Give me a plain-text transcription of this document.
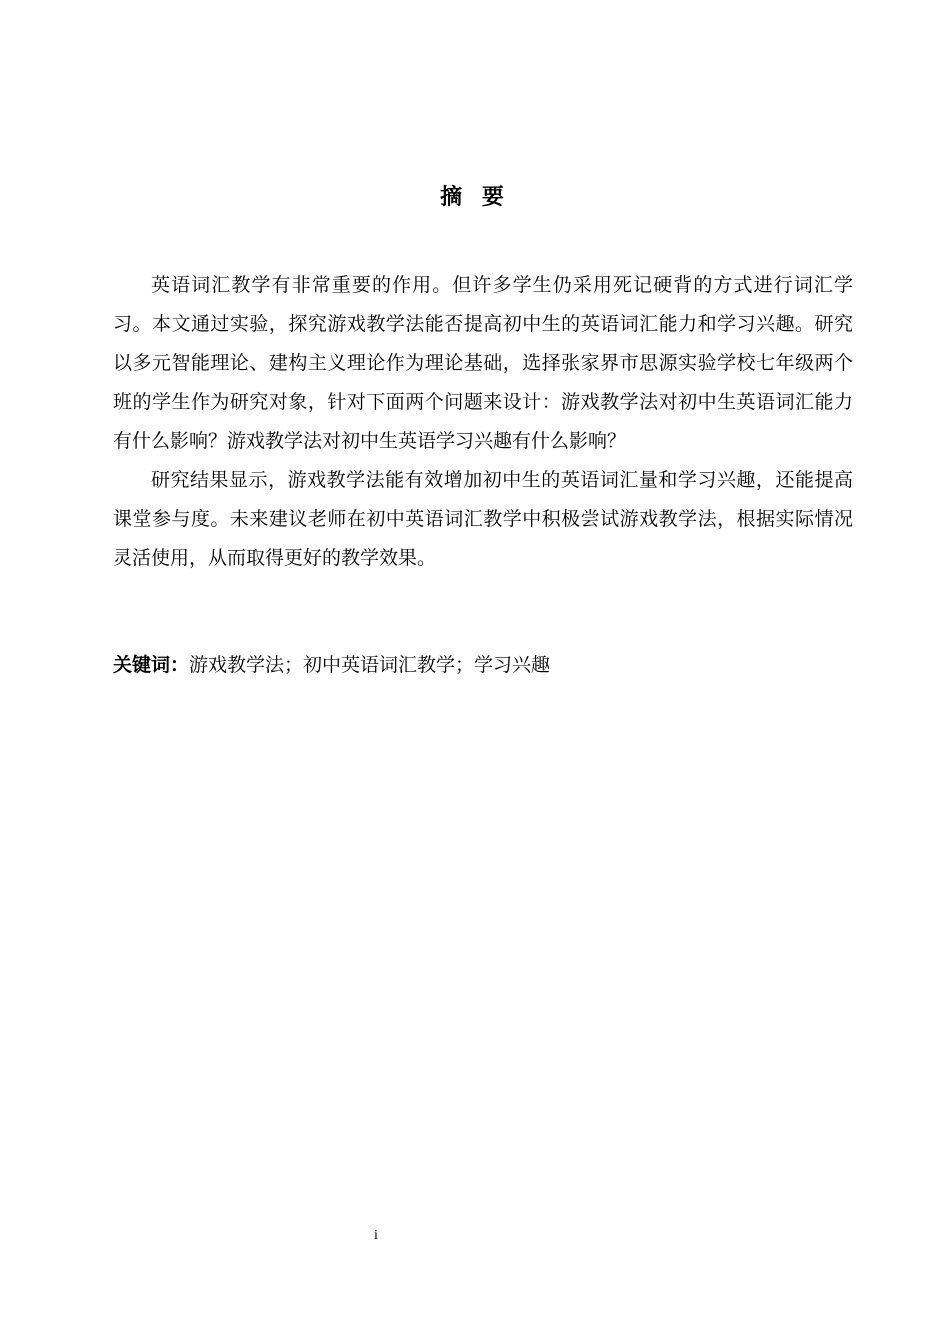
摘 要

英语词汇教学有非常重要的作用。但许多学生仍采用死记硬背的方式进行词汇学习。本文通过实验，探究游戏教学法能否提高初中生的英语词汇能力和学习兴趣。研究以多元智能理论、建构主义理论作为理论基础，选择张家界市思源实验学校七年级两个班的学生作为研究对象，针对下面两个问题来设计：游戏教学法对初中生英语词汇能力有什么影响？游戏教学法对初中生英语学习兴趣有什么影响？

研究结果显示，游戏教学法能有效增加初中生的英语词汇量和学习兴趣，还能提高课堂参与度。未来建议老师在初中英语词汇教学中积极尝试游戏教学法，根据实际情况灵活使用，从而取得更好的教学效果。

关键词：游戏教学法；初中英语词汇教学；学习兴趣
i
